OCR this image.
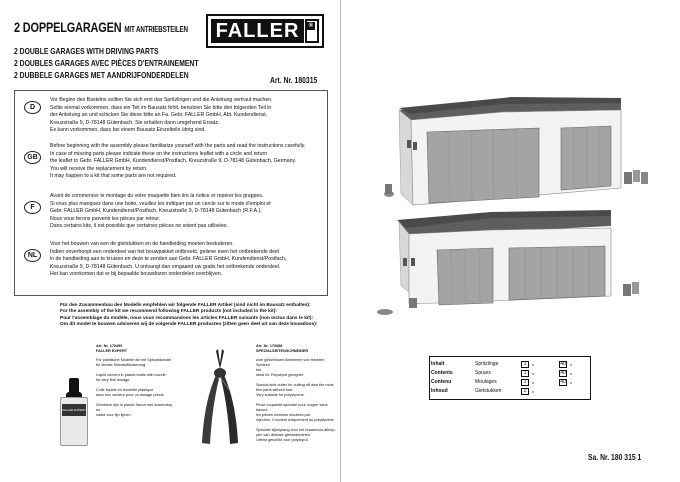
2 DOPPELGARAGEN MIT ANTRIEBSTEILEN FALLER	®
2 DOUBLE GARAGES WITH DRIVING PARTS
2 DOUBLES GARAGES AVEC PIÈCES D'ENTRAINEMENT
2 DUBBELE GARAGES MET AANDRIJFONDERDELEN	Art. Nr. 180315
D
Vor Beginn des Bastelns sollten Sie sich erst das Spritzlingen und die Anleitung vertraut machen.
Sollte einmal vorkommen, dass ein Teil im Bausatz fehlt, benutzen Sie bitte den folgenden Teil in
der Anleitung an und schicken Sie diese bitte an Fa. Gebr. FALLER GmbH, Abt. Kundendienst,
Kreuzstraße 9, D-78148 Gütenbach. Sie erhalten dann umgehend Ersatz.
Es kann vorkommen, dass bei einem Bausatz Einzelteile übrig sind.
GB
Before beginning with the assembly please familiarize yourself with the parts and read the instructions carefully.
In case of missing parts please indicate these on the instructions leaflet with a circle and return
the leaflet to Gebr. FALLER GmbH, Kundendienst/Postfach, Kreuzstraße 9, D-78148 Gütenbach, Germany.
You will receive the replacement by return.
It may happen to a kit that some parts are not required.
F
Avant de commencer le montage du votre maquette bien lire la notice et repérer les grappes.
Si vous plus manquez dans une boite, veuillez les indiquer par un cercle sur le mode d'emploi et
Gebr. FALLER GmbH, Kundendienst/Postfach, Kreuzstraße 9, D-78148 Gütenbach (R.F.A.).
Nous vous ferons parvenir les pièces par retour.
Dans certains kits, il est possible que certaines pièces ne soient pas utilisées.
NL
Voor het bouwen van een de gietstukken en de handleiding moeten bestuderen.
Indien onverhoopt een onderdeel van het bouwpakket ontbreekt, gelieve even het ontbrekende deel
in de handleiding aan te kruisen en deze te zenden aan Gebr. FALLER GmbH, Kundendienst/Postfach,
Kreuzstraße 9, D-78148 Gütenbach. U ontvangt dan omgaand uw gratis het ontbrekende onderdeel.
Het kan voorkomen dat er bij bepaalde bouwdozen onderdelen overblijven.
Für den Zusammenbau des Modells empfehlen wir folgende FALLER Artikel (sind nicht im Bausatz enthalten):
For the assembly of the kit we recommend following FALLER products (not included in the kit):
Pour l'assemblage du modèle, nous vous recommandons les articles FALLER suivants (non inclus dans le kit):
Om dit model te bouwen adviseren wij de volgende FALLER producten (zitten geen deel uit van deze bouwdoos):
FALLER EXPERT
Art. Nr. 170490
FALLER EXPERT
Für plastische Modelle die mit Spezialkanüle
für feinste Klebstoffdosierung.
Liquid cement in plastic bottle with nozzle
for very fine dosage.
Colle liquide en bouteille plastique
avec bec verseur pour un dosage précis.
Vloeibare lijm in plastic flacon met doseerdop en
naald voor fijn lijmen.
Art. Nr. 170688
SPEZIALSEITENSCHNEIDER
zum gefahrlosen Abtrennen von feinsten Spritzen
bei.
Ideal für Polystyrol geeignet.
Special side cutter for cutting off also the most
thin parts without burr.
Very suitable for polystyrene.
Pince coupante spéciale pour couper sans bavure
les pièces minimes moulées par
injection. Convient uniquement au polystyrène.
Speciale zijkniptang voor het braamloos afknip-
pen van delicate gietonderdelen.
Uiterst geschikt voor polystyrol.
Inhalt	Spritzlinge	1	x	40	x
Contents	Sprues	1	x	40	x
Contenu	Moulages	1	x	40	x
Inhoud	Gietstukken	2	x
Sa. Nr. 180 315 1
